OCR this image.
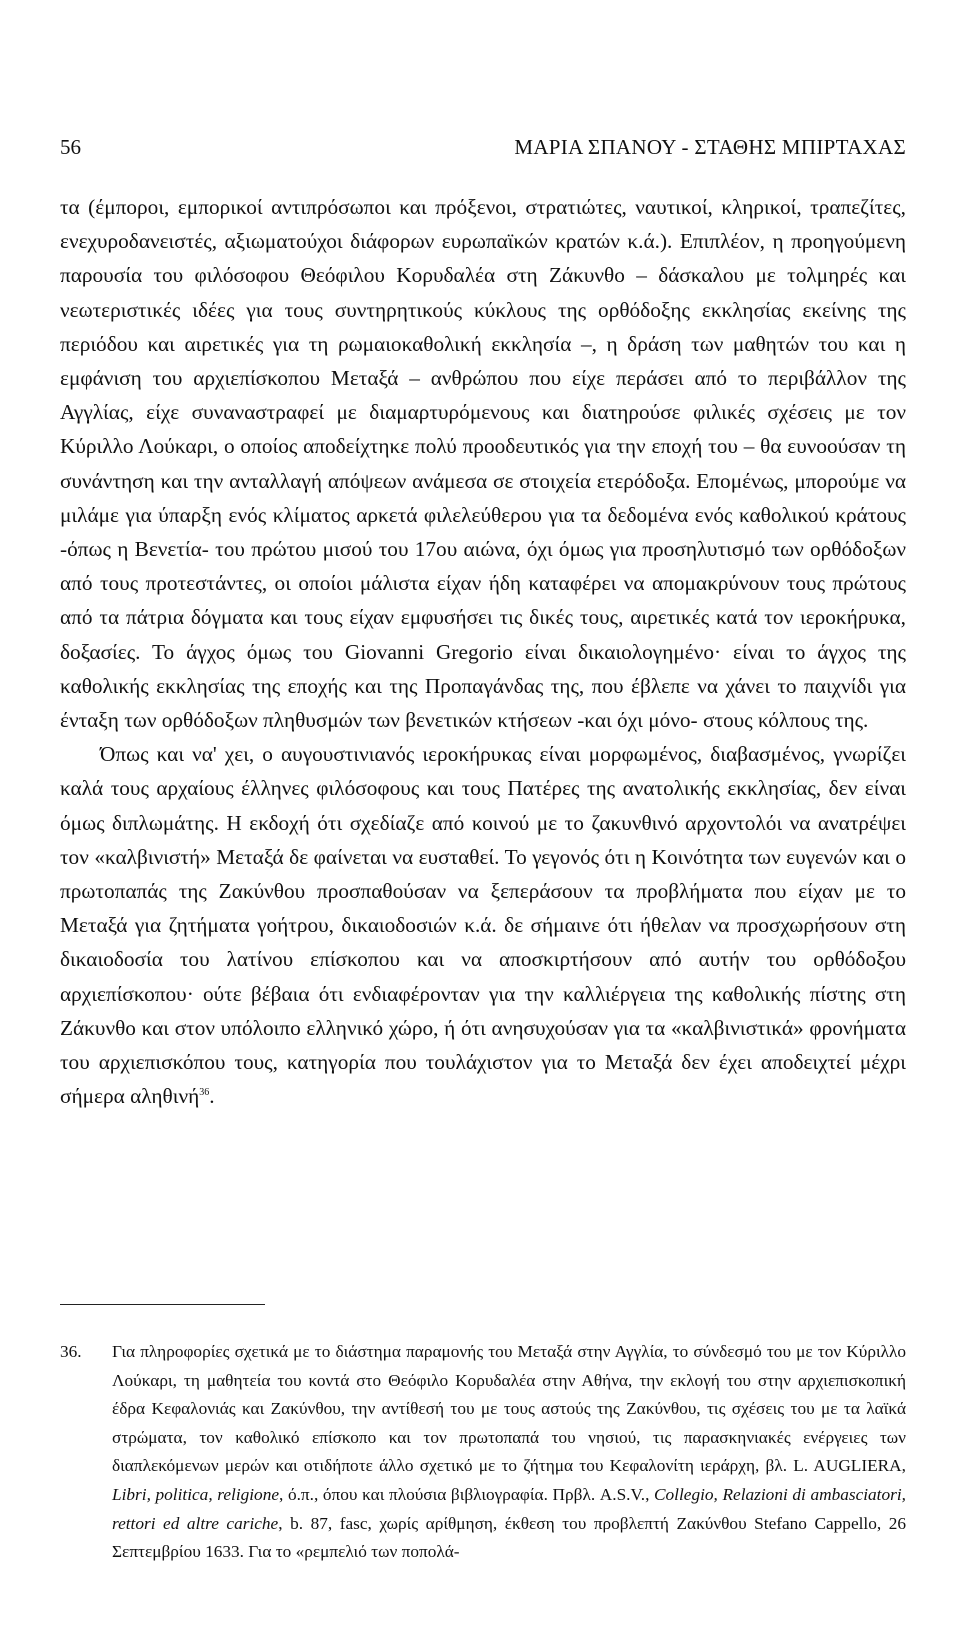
56	ΜΑΡΙΑ ΣΠΑΝΟΥ - ΣΤΑΘΗΣ ΜΠΙΡΤΑΧΑΣ

τα (έμποροι, εμπορικοί αντιπρόσωποι και πρόξενοι, στρατιώτες, ναυτικοί, κληρικοί, τραπεζίτες, ενεχυροδανειστές, αξιωματούχοι διάφορων ευρωπαϊκών κρατών κ.ά.). Επιπλέον, η προηγούμενη παρουσία του φιλόσοφου Θεόφιλου Κορυδαλέα στη Ζάκυνθο – δάσκαλου με τολμηρές και νεωτεριστικές ιδέες για τους συντηρητικούς κύκλους της ορθόδοξης εκκλησίας εκείνης της περιόδου και αιρετικές για τη ρωμαιοκαθολική εκκλησία –, η δράση των μαθητών του και η εμφάνιση του αρχιεπίσκοπου Μεταξά – ανθρώπου που είχε περάσει από το περιβάλλον της Αγγλίας, είχε συναναστραφεί με διαμαρτυρόμενους και διατηρούσε φιλικές σχέσεις με τον Κύριλλο Λούκαρι, ο οποίος αποδείχτηκε πολύ προοδευτικός για την εποχή του – θα ευνοούσαν τη συνάντηση και την ανταλλαγή απόψεων ανάμεσα σε στοιχεία ετερόδοξα. Επομένως, μπορούμε να μιλάμε για ύπαρξη ενός κλίματος αρκετά φιλελεύθερου για τα δεδομένα ενός καθολικού κράτους -όπως η Βενετία- του πρώτου μισού του 17ου αιώνα, όχι όμως για προσηλυτισμό των ορθόδοξων από τους προτεστάντες, οι οποίοι μάλιστα είχαν ήδη καταφέρει να απομακρύνουν τους πρώτους από τα πάτρια δόγματα και τους είχαν εμφυσήσει τις δικές τους, αιρετικές κατά τον ιεροκήρυκα, δοξασίες. Το άγχος όμως του Giovanni Gregorio είναι δικαιολογημένο· είναι το άγχος της καθολικής εκκλησίας της εποχής και της Προπαγάνδας της, που έβλεπε να χάνει το παιχνίδι για ένταξη των ορθόδοξων πληθυσμών των βενετικών κτήσεων -και όχι μόνο- στους κόλπους της.

Όπως και να' χει, ο αυγουστινιανός ιεροκήρυκας είναι μορφωμένος, διαβασμένος, γνωρίζει καλά τους αρχαίους έλληνες φιλόσοφους και τους Πατέρες της ανατολικής εκκλησίας, δεν είναι όμως διπλωμάτης. Η εκδοχή ότι σχεδίαζε από κοινού με το ζακυνθινό αρχοντολόι να ανατρέψει τον «καλβινιστή» Μεταξά δε φαίνεται να ευσταθεί. Το γεγονός ότι η Κοινότητα των ευγενών και ο πρωτοπαπάς της Ζακύνθου προσπαθούσαν να ξεπεράσουν τα προβλήματα που είχαν με το Μεταξά για ζητήματα γοήτρου, δικαιοδοσιών κ.ά. δε σήμαινε ότι ήθελαν να προσχωρήσουν στη δικαιοδοσία του λατίνου επίσκοπου και να αποσκιρτήσουν από αυτήν του ορθόδοξου αρχιεπίσκοπου· ούτε βέβαια ότι ενδιαφέρονταν για την καλλιέργεια της καθολικής πίστης στη Ζάκυνθο και στον υπόλοιπο ελληνικό χώρο, ή ότι ανησυχούσαν για τα «καλβινιστικά» φρονήματα του αρχιεπισκόπου τους, κατηγορία που τουλάχιστον για το Μεταξά δεν έχει αποδειχτεί μέχρι σήμερα αληθινή$^{36}$.

36. Για πληροφορίες σχετικά με το διάστημα παραμονής του Μεταξά στην Αγγλία, το σύνδεσμό του με τον Κύριλλο Λούκαρι, τη μαθητεία του κοντά στο Θεόφιλο Κορυδαλέα στην Αθήνα, την εκλογή του στην αρχιεπισκοπική έδρα Κεφαλονιάς και Ζακύνθου, την αντίθεσή του με τους αστούς της Ζακύνθου, τις σχέσεις του με τα λαϊκά στρώματα, τον καθολικό επίσκοπο και τον πρωτοπαπά του νησιού, τις παρασκηνιακές ενέργειες των διαπλεκόμενων μερών και οτιδήποτε άλλο σχετικό με το ζήτημα του Κεφαλονίτη ιεράρχη, βλ. L. AUGLIERA, Libri, politica, religione, ό.π., όπου και πλούσια βιβλιογραφία. Πρβλ. A.S.V., Collegio, Relazioni di ambasciatori, rettori ed altre cariche, b. 87, fasc, χωρίς αρίθμηση, έκθεση του προβλεπτή Ζακύνθου Stefano Cappello, 26 Σεπτεμβρίου 1633. Για το «ρεμπελιό των ποπολά-
